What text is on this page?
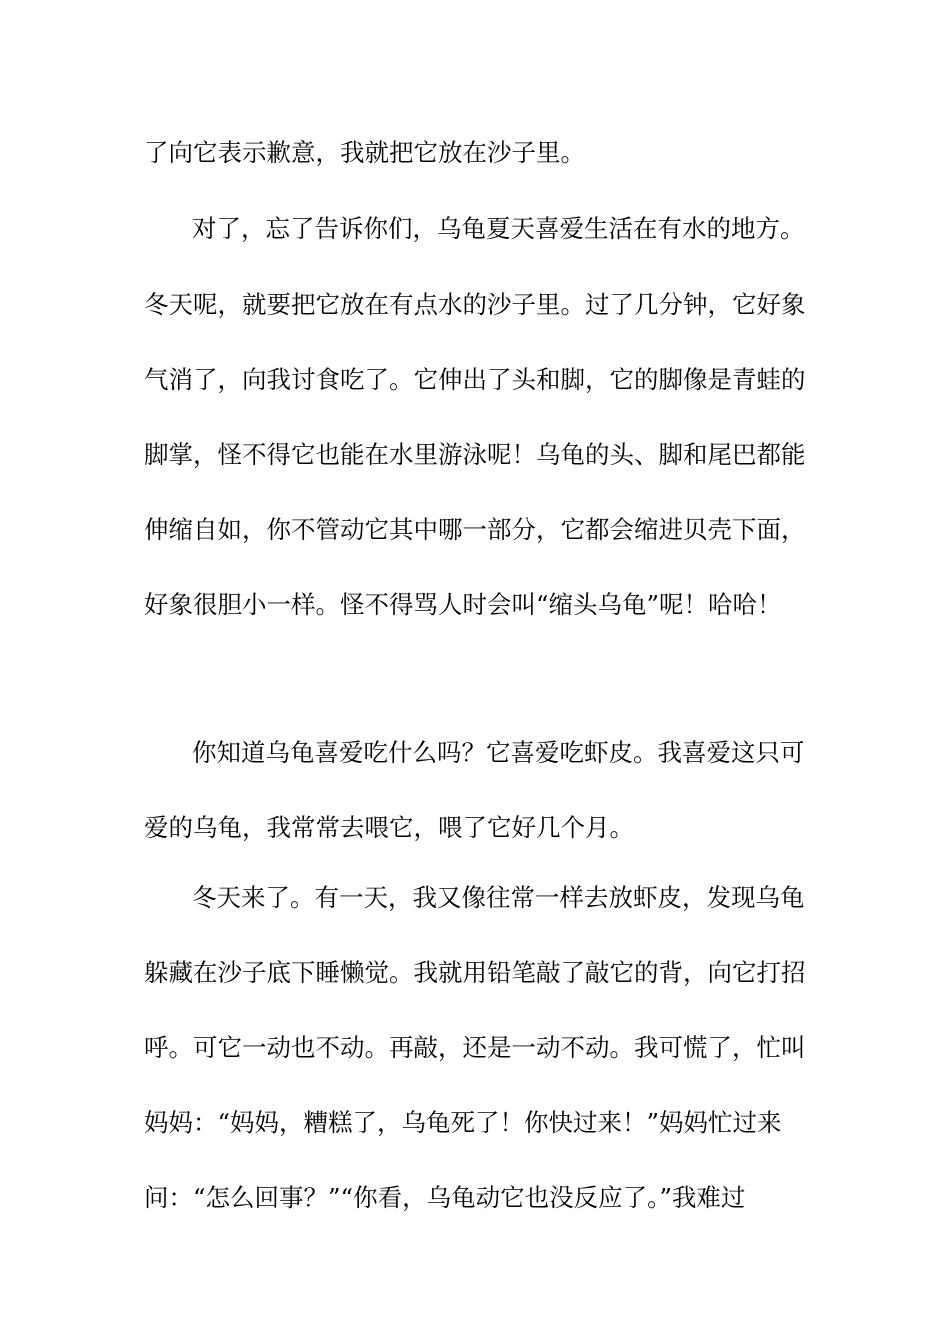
了向它表示歉意，我就把它放在沙子里。
对了，忘了告诉你们，乌龟夏天喜爱生活在有水的地方。
冬天呢，就要把它放在有点水的沙子里。过了几分钟，它好象
气消了，向我讨食吃了。它伸出了头和脚，它的脚像是青蛙的
脚掌，怪不得它也能在水里游泳呢！乌龟的头、脚和尾巴都能
伸缩自如，你不管动它其中哪一部分，它都会缩进贝壳下面，
好象很胆小一样。怪不得骂人时会叫“缩头乌龟”呢！哈哈！
你知道乌龟喜爱吃什么吗？它喜爱吃虾皮。我喜爱这只可
爱的乌龟，我常常去喂它，喂了它好几个月。
冬天来了。有一天，我又像往常一样去放虾皮，发现乌龟
躲藏在沙子底下睡懒觉。我就用铅笔敲了敲它的背，向它打招
呼。可它一动也不动。再敲，还是一动不动。我可慌了，忙叫
妈妈：“妈妈，糟糕了，乌龟死了！你快过来！”妈妈忙过来
问：“怎么回事？”“你看，乌龟动它也没反应了。”我难过
